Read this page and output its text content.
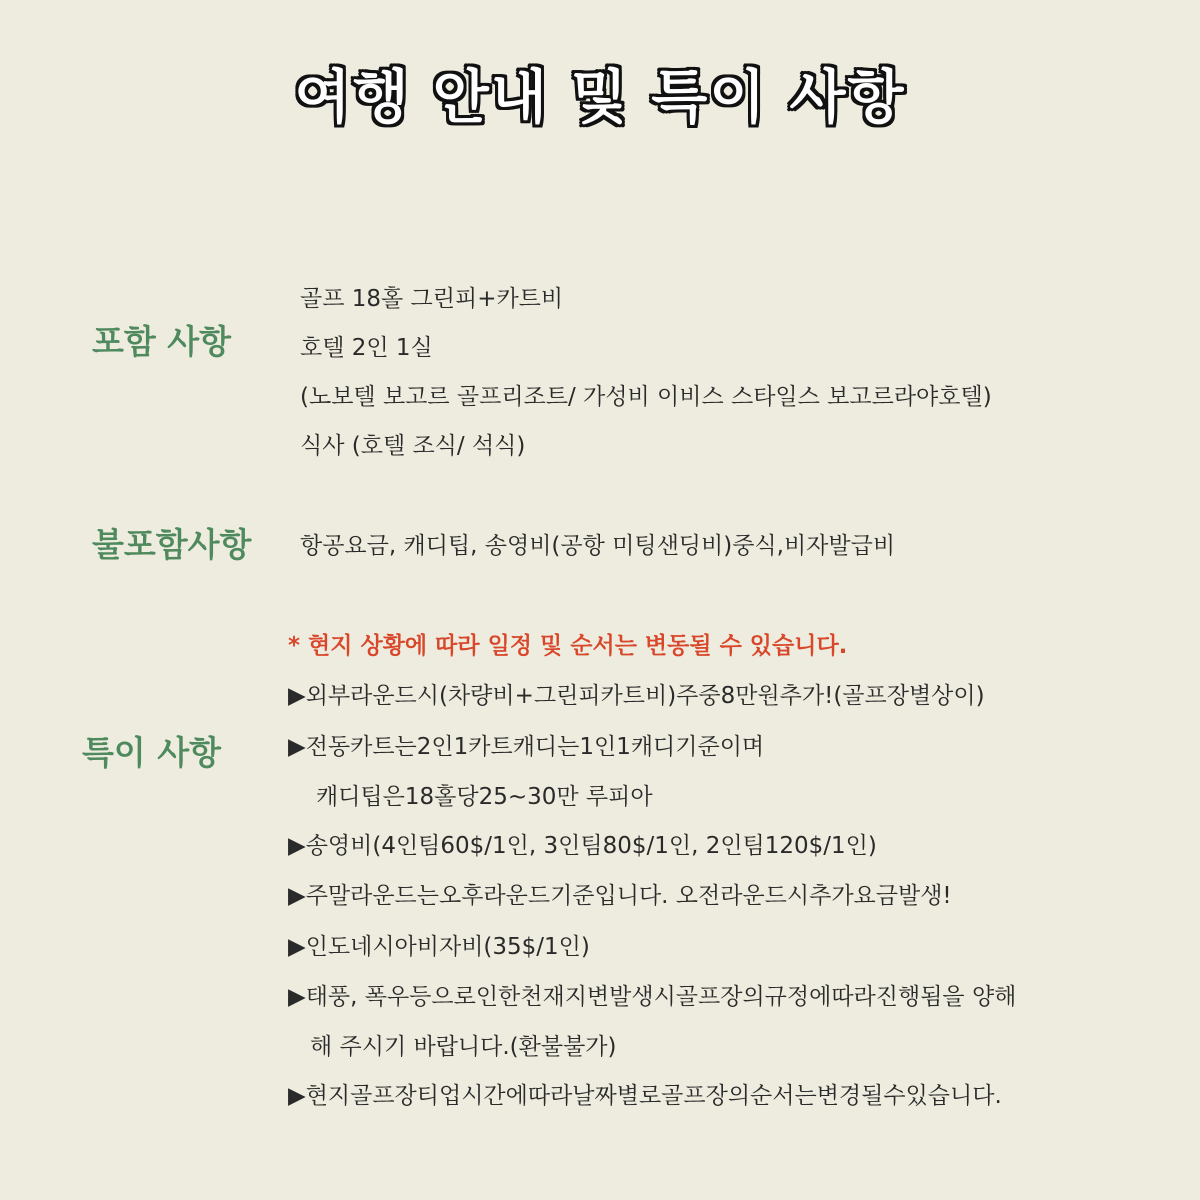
여행 안내 및 특이 사항
포함 사항
골프 18홀 그린피+카트비
호텔 2인 1실
(노보텔 보고르 골프리조트/ 가성비 이비스 스타일스 보고르라야호텔)
식사 (호텔 조식/ 석식)
불포함사항 항공요금, 캐디팁, 송영비(공항 미팅샌딩비)중식,비자발급비
특이 사항
* 현지 상황에 따라 일정 및 순서는 변동될 수 있습니다.
▶외부라운드시(차량비+그린피카트비)주중8만원추가!(골프장별상이)
▶전동카트는2인1카트캐디는1인1캐디기준이며
캐디팁은18홀당25~30만 루피아
▶송영비(4인팀60$/1인, 3인팀80$/1인, 2인팀120$/1인)
▶주말라운드는오후라운드기준입니다. 오전라운드시추가요금발생!
▶인도네시아비자비(35$/1인)
▶태풍, 폭우등으로인한천재지변발생시골프장의규정에따라진행됨을 양해
해 주시기 바랍니다.(환불불가)
▶현지골프장티업시간에따라날짜별로골프장의순서는변경될수있습니다.
